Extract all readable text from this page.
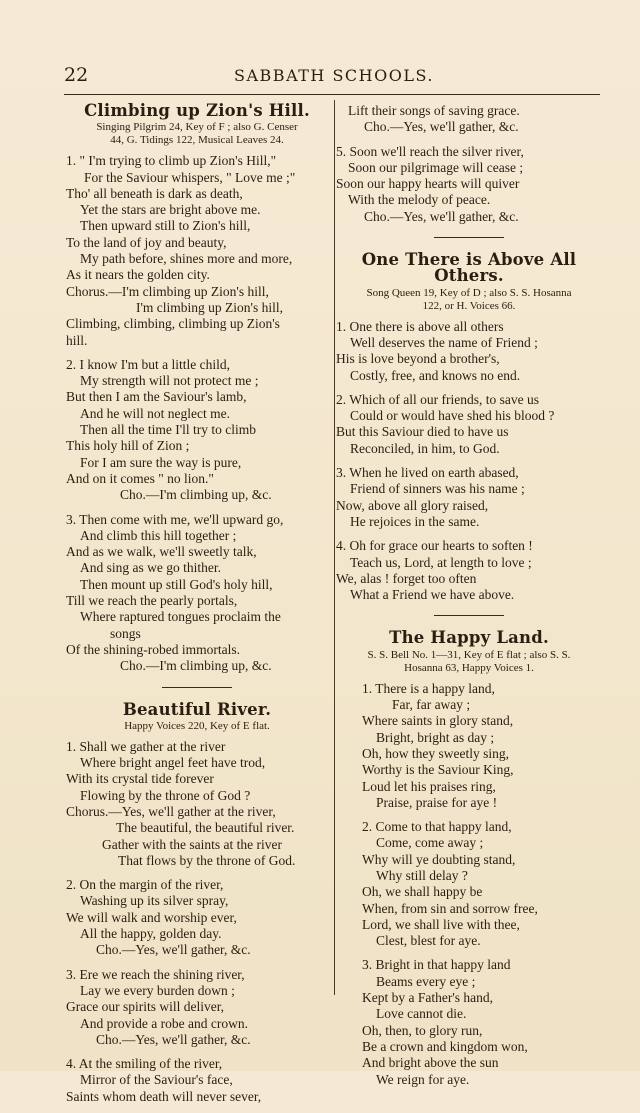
22	SABBATH SCHOOLS.
Climbing up Zion's Hill.
Singing Pilgrim 24, Key of F ; also G. Censer
44, G. Tidings 122, Musical Leaves 24.
1. " I'm trying to climb up Zion's Hill,"
For the Saviour whispers, " Love me ;"
Tho' all beneath is dark as death,
Yet the stars are bright above me.
Then upward still to Zion's hill,
To the land of joy and beauty,
My path before, shines more and more,
As it nears the golden city.
Chorus.—I'm climbing up Zion's hill,
I'm climbing up Zion's hill,
Climbing, climbing, climbing up Zion's
hill.
2. I know I'm but a little child,
My strength will not protect me ;
But then I am the Saviour's lamb,
And he will not neglect me.
Then all the time I'll try to climb
This holy hill of Zion ;
For I am sure the way is pure,
And on it comes " no lion."
Cho.—I'm climbing up, &c.
3. Then come with me, we'll upward go,
And climb this hill together ;
And as we walk, we'll sweetly talk,
And sing as we go thither.
Then mount up still God's holy hill,
Till we reach the pearly portals,
Where raptured tongues proclaim the
songs
Of the shining-robed immortals.
Cho.—I'm climbing up, &c.
Beautiful River.
Happy Voices 220, Key of E flat.
1. Shall we gather at the river
Where bright angel feet have trod,
With its crystal tide forever
Flowing by the throne of God ?
Chorus.—Yes, we'll gather at the river,
The beautiful, the beautiful river.
Gather with the saints at the river
That flows by the throne of God.
2. On the margin of the river,
Washing up its silver spray,
We will walk and worship ever,
All the happy, golden day.
Cho.—Yes, we'll gather, &c.
3. Ere we reach the shining river,
Lay we every burden down ;
Grace our spirits will deliver,
And provide a robe and crown.
Cho.—Yes, we'll gather, &c.
4. At the smiling of the river,
Mirror of the Saviour's face,
Saints whom death will never sever,
Lift their songs of saving grace.
Cho.—Yes, we'll gather, &c.
5. Soon we'll reach the silver river,
Soon our pilgrimage will cease ;
Soon our happy hearts will quiver
With the melody of peace.
Cho.—Yes, we'll gather, &c.
One There is Above All Others.
Song Queen 19, Key of D ; also S. S. Hosanna
122, or H. Voices 66.
1. One there is above all others
Well deserves the name of Friend ;
His is love beyond a brother's,
Costly, free, and knows no end.
2. Which of all our friends, to save us
Could or would have shed his blood ?
But this Saviour died to have us
Reconciled, in him, to God.
3. When he lived on earth abased,
Friend of sinners was his name ;
Now, above all glory raised,
He rejoices in the same.
4. Oh for grace our hearts to soften !
Teach us, Lord, at length to love ;
We, alas ! forget too often
What a Friend we have above.
The Happy Land.
S. S. Bell No. 1—31, Key of E flat ; also S. S.
Hosanna 63, Happy Voices 1.
1. There is a happy land,
Far, far away ;
Where saints in glory stand,
Bright, bright as day ;
Oh, how they sweetly sing,
Worthy is the Saviour King,
Loud let his praises ring,
Praise, praise for aye !
2. Come to that happy land,
Come, come away ;
Why will ye doubting stand,
Why still delay ?
Oh, we shall happy be
When, from sin and sorrow free,
Lord, we shall live with thee,
Clest, blest for aye.
3. Bright in that happy land
Beams every eye ;
Kept by a Father's hand,
Love cannot die.
Oh, then, to glory run,
Be a crown and kingdom won,
And bright above the sun
We reign for aye.
